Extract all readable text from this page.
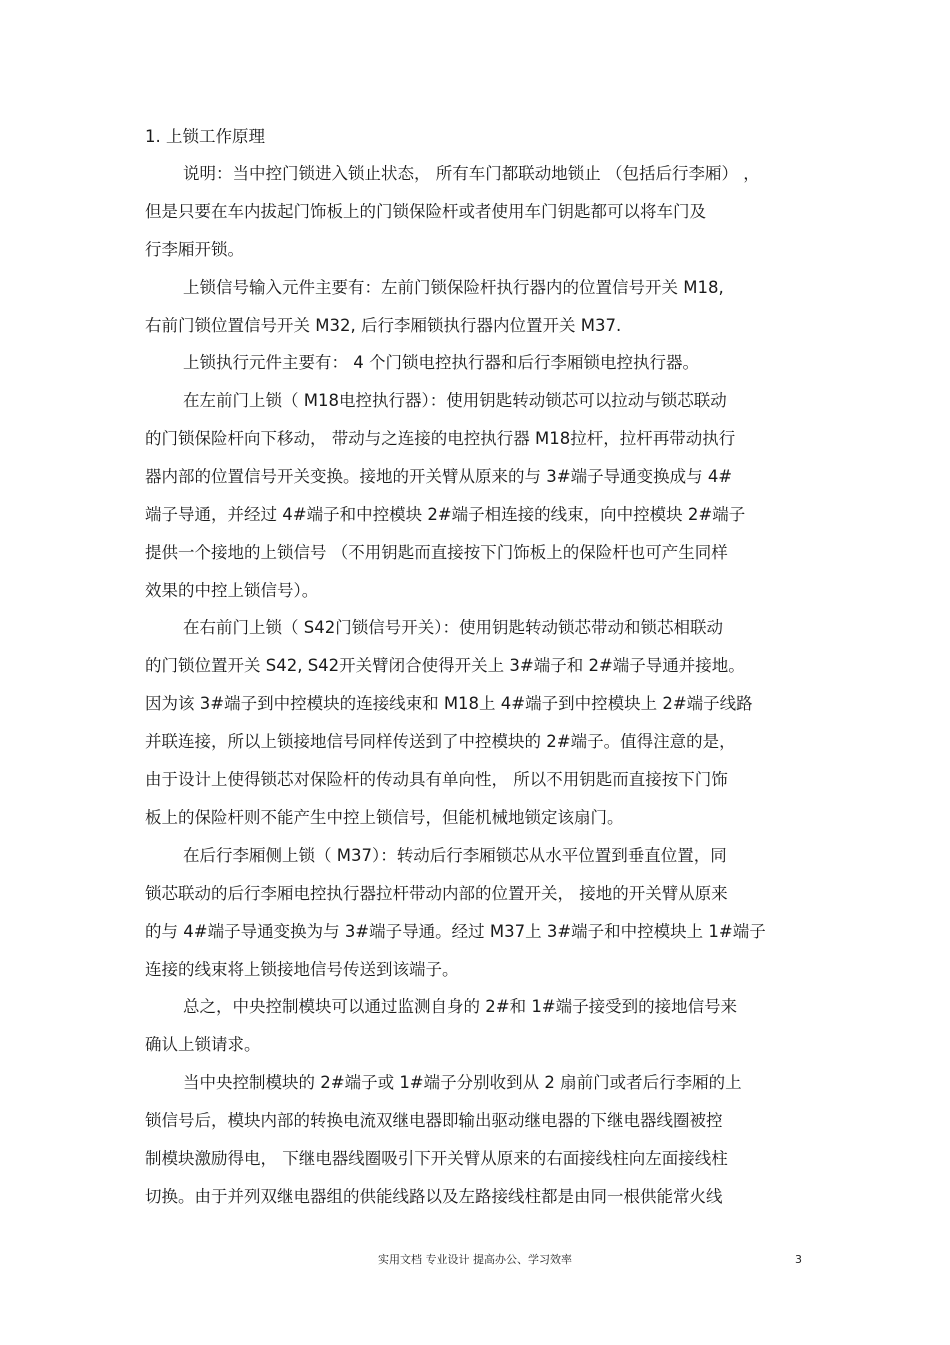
1. 上锁工作原理
说明：当中控门锁进入锁止状态， 所有车门都联动地锁止 （包括后行李厢） ，
但是只要在车内拔起门饰板上的门锁保险杆或者使用车门钥匙都可以将车门及
行李厢开锁。
上锁信号输入元件主要有：左前门锁保险杆执行器内的位置信号开关 M18,
右前门锁位置信号开关 M32, 后行李厢锁执行器内位置开关 M37.
上锁执行元件主要有： 4 个门锁电控执行器和后行李厢锁电控执行器。
在左前门上锁（ M18电控执行器）：使用钥匙转动锁芯可以拉动与锁芯联动
的门锁保险杆向下移动， 带动与之连接的电控执行器 M18拉杆，拉杆再带动执行
器内部的位置信号开关变换。接地的开关臂从原来的与 3#端子导通变换成与 4#
端子导通，并经过 4#端子和中控模块 2#端子相连接的线束，向中控模块 2#端子
提供一个接地的上锁信号 （不用钥匙而直接按下门饰板上的保险杆也可产生同样
效果的中控上锁信号）。
在右前门上锁（ S42门锁信号开关）：使用钥匙转动锁芯带动和锁芯相联动
的门锁位置开关 S42, S42开关臂闭合使得开关上 3#端子和 2#端子导通并接地。
因为该 3#端子到中控模块的连接线束和 M18上 4#端子到中控模块上 2#端子线路
并联连接，所以上锁接地信号同样传送到了中控模块的 2#端子。值得注意的是，
由于设计上使得锁芯对保险杆的传动具有单向性， 所以不用钥匙而直接按下门饰
板上的保险杆则不能产生中控上锁信号，但能机械地锁定该扇门。
在后行李厢侧上锁（ M37）：转动后行李厢锁芯从水平位置到垂直位置，同
锁芯联动的后行李厢电控执行器拉杆带动内部的位置开关， 接地的开关臂从原来
的与 4#端子导通变换为与 3#端子导通。经过 M37上 3#端子和中控模块上 1#端子
连接的线束将上锁接地信号传送到该端子。
总之，中央控制模块可以通过监测自身的 2#和 1#端子接受到的接地信号来
确认上锁请求。
当中央控制模块的 2#端子或 1#端子分别收到从 2 扇前门或者后行李厢的上
锁信号后，模块内部的转换电流双继电器即输出驱动继电器的下继电器线圈被控
制模块激励得电， 下继电器线圈吸引下开关臂从原来的右面接线柱向左面接线柱
切换。由于并列双继电器组的供能线路以及左路接线柱都是由同一根供能常火线
实用文档 专业设计 提高办公、学习效率	3
